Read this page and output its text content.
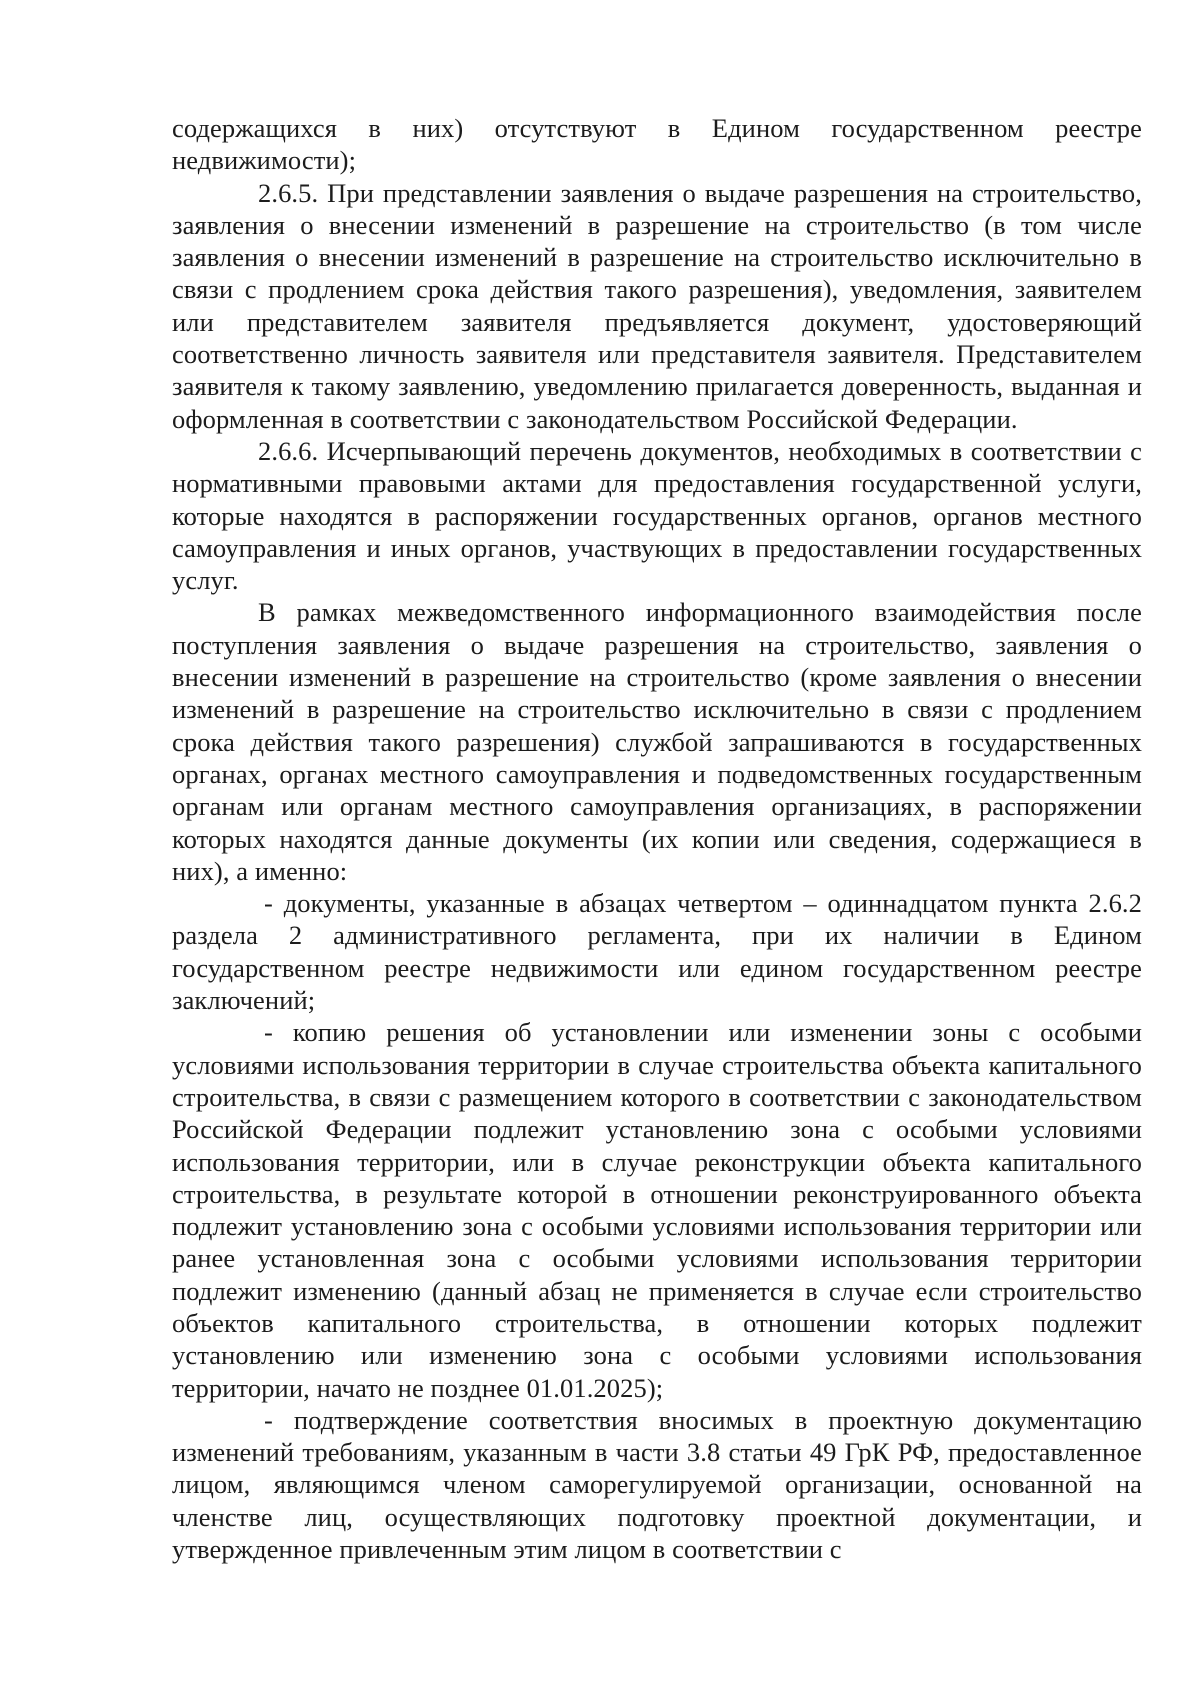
содержащихся в них) отсутствуют в Едином государственном реестре недвижимости);

2.6.5. При представлении заявления о выдаче разрешения на строительство, заявления о внесении изменений в разрешение на строительство (в том числе заявления о внесении изменений в разрешение на строительство исключительно в связи с продлением срока действия такого разрешения), уведомления, заявителем или представителем заявителя предъявляется документ, удостоверяющий соответственно личность заявителя или представителя заявителя. Представителем заявителя к такому заявлению, уведомлению прилагается доверенность, выданная и оформленная в соответствии с законодательством Российской Федерации.

2.6.6. Исчерпывающий перечень документов, необходимых в соответствии с нормативными правовыми актами для предоставления государственной услуги, которые находятся в распоряжении государственных органов, органов местного самоуправления и иных органов, участвующих в предоставлении государственных услуг.

В рамках межведомственного информационного взаимодействия после поступления заявления о выдаче разрешения на строительство, заявления о внесении изменений в разрешение на строительство (кроме заявления о внесении изменений в разрешение на строительство исключительно в связи с продлением срока действия такого разрешения) службой запрашиваются в государственных органах, органах местного самоуправления и подведомственных государственным органам или органам местного самоуправления организациях, в распоряжении которых находятся данные документы (их копии или сведения, содержащиеся в них), а именно:

- документы, указанные в абзацах четвертом – одиннадцатом пункта 2.6.2 раздела 2 административного регламента, при их наличии в Едином государственном реестре недвижимости или едином государственном реестре заключений;

- копию решения об установлении или изменении зоны с особыми условиями использования территории в случае строительства объекта капитального строительства, в связи с размещением которого в соответствии с законодательством Российской Федерации подлежит установлению зона с особыми условиями использования территории, или в случае реконструкции объекта капитального строительства, в результате которой в отношении реконструированного объекта подлежит установлению зона с особыми условиями использования территории или ранее установленная зона с особыми условиями использования территории подлежит изменению (данный абзац не применяется в случае если строительство объектов капитального строительства, в отношении которых подлежит установлению или изменению зона с особыми условиями использования территории, начато не позднее 01.01.2025);

- подтверждение соответствия вносимых в проектную документацию изменений требованиям, указанным в части 3.8 статьи 49 ГрК РФ, предоставленное лицом, являющимся членом саморегулируемой организации, основанной на членстве лиц, осуществляющих подготовку проектной документации, и утвержденное привлеченным этим лицом в соответствии с
